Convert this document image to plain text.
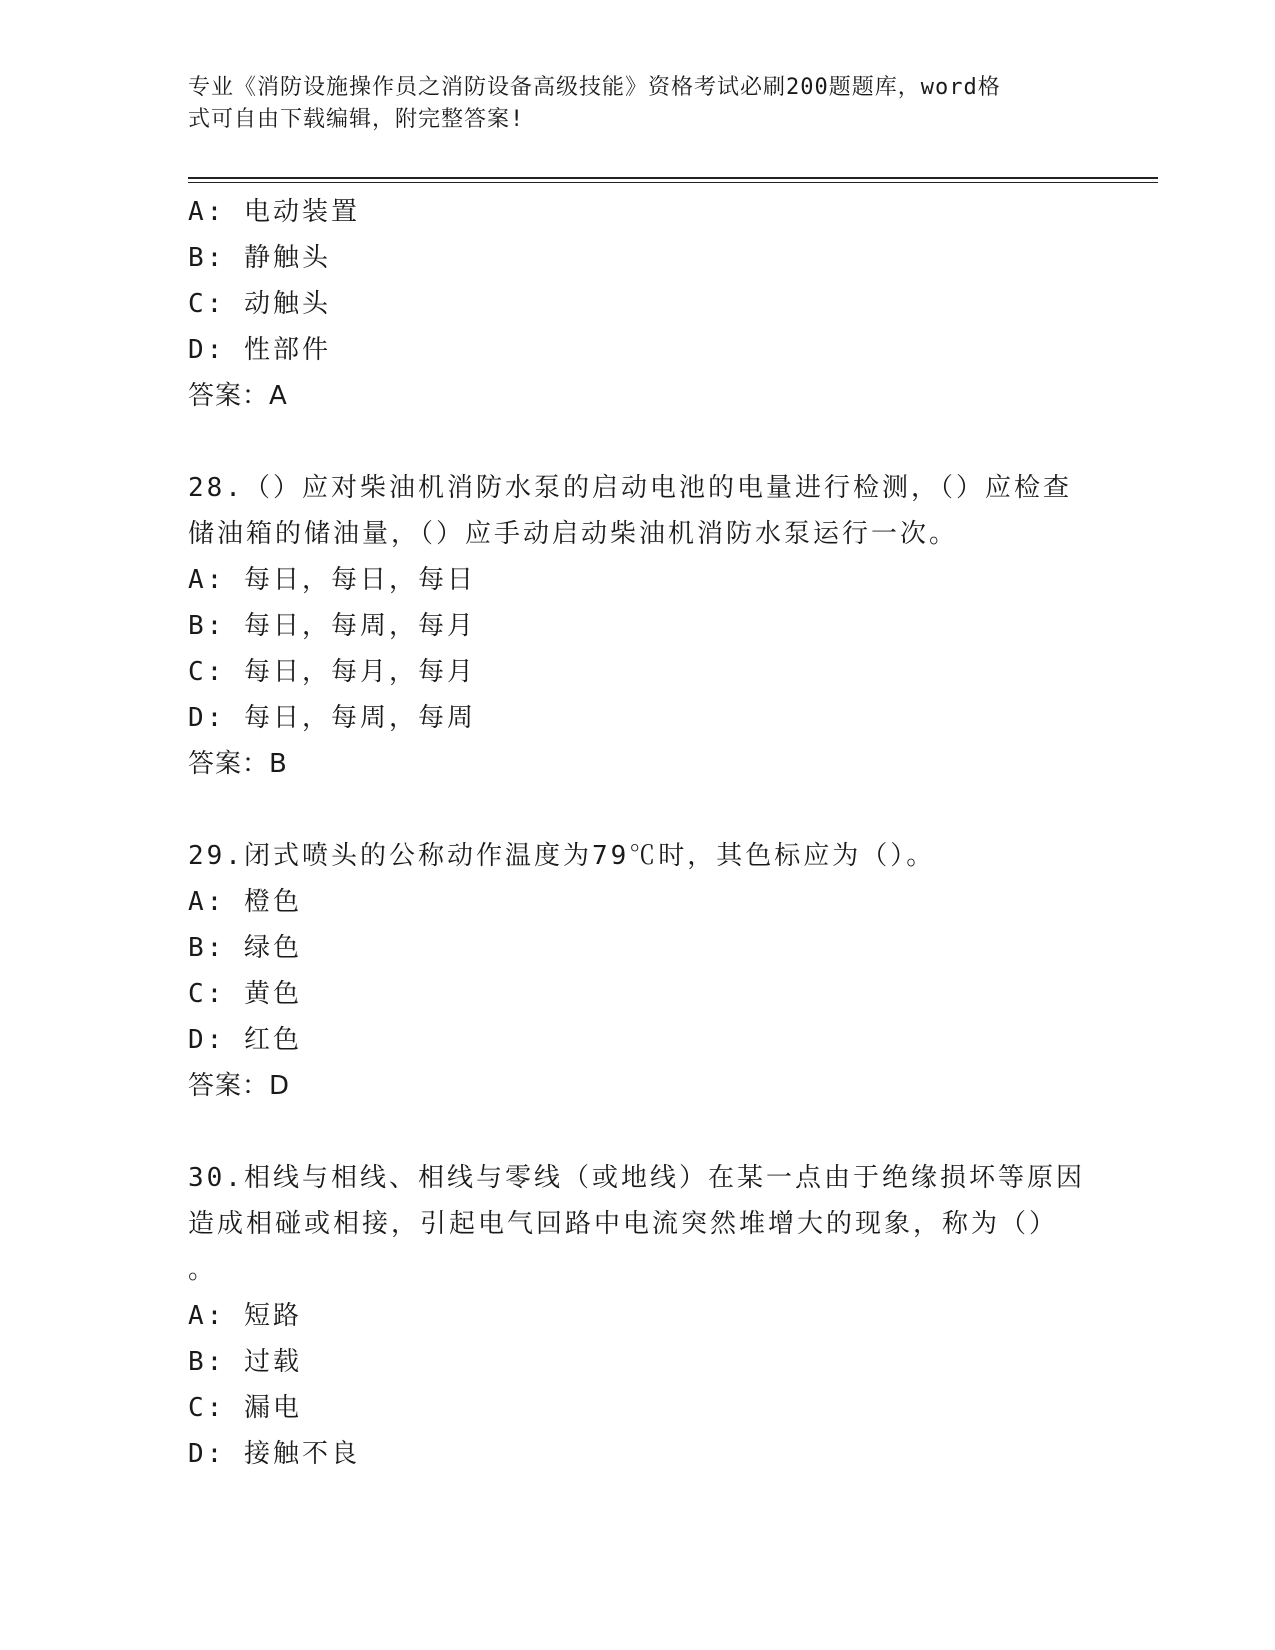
专业《消防设施操作员之消防设备高级技能》资格考试必刷200题题库，word格
式可自由下载编辑，附完整答案!
A: 电动装置
B: 静触头
C: 动触头
D: 性部件
答案：A
28.（）应对柴油机消防水泵的启动电池的电量进行检测，（）应检查
储油箱的储油量，（）应手动启动柴油机消防水泵运行一次。
A: 每日，每日，每日
B: 每日，每周，每月
C: 每日，每月，每月
D: 每日，每周，每周
答案：B
29.闭式喷头的公称动作温度为79℃时，其色标应为（）。
A: 橙色
B: 绿色
C: 黄色
D: 红色
答案：D
30.相线与相线、相线与零线（或地线）在某一点由于绝缘损坏等原因
造成相碰或相接，引起电气回路中电流突然堆增大的现象，称为（）
。
A: 短路
B: 过载
C: 漏电
D: 接触不良
